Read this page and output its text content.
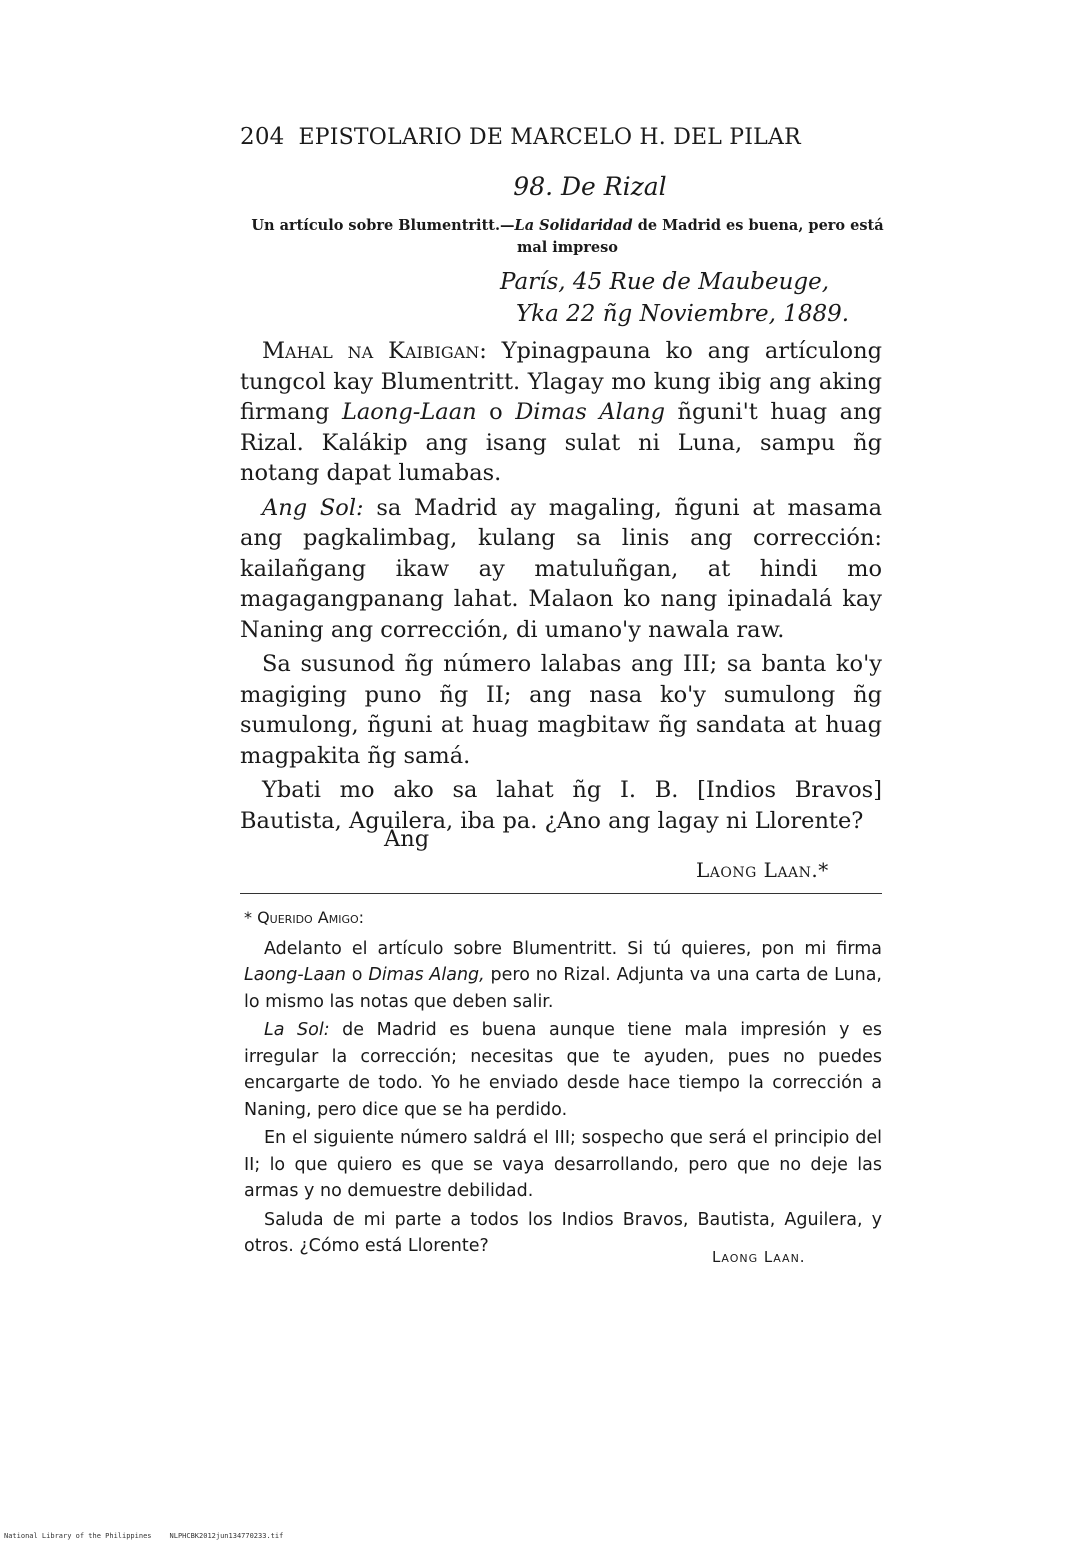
204 EPISTOLARIO DE MARCELO H. DEL PILAR
98. De Rizal
Un artículo sobre Blumentritt.—La Solidaridad de Madrid es buena, pero está mal impreso
París, 45 Rue de Maubeuge,
Yka 22 ñg Noviembre, 1889.

Mahal na Kaibigan: Ypinagpauna ko ang artículong tungcol kay Blumentritt. Ylagay mo kung ibig ang aking firmang Laong-Laan o Dimas Alang ñguni't huag ang Rizal. Kalákip ang isang sulat ni Luna, sampu ñg notang dapat lumabas.

Ang Sol: sa Madrid ay magaling, ñguni at masama ang pagkalimbag, kulang sa linis ang corrección: kailañgang ikaw ay matuluñgan, at hindi mo magagangpanang lahat. Malaon ko nang ipinadalá kay Naning ang corrección, di umano'y nawala raw.

Sa susunod ñg número lalabas ang III; sa banta ko'y magiging puno ñg II; ang nasa ko'y sumulong ñg sumulong, ñguni at huag magbitaw ñg sandata at huag magpakita ñg samá.

Ybati mo ako sa lahat ñg I. B. [Indios Bravos] Bautista, Aguilera, iba pa. ¿Ano ang lagay ni Llorente?

Ang
Laong Laan.*
* Querido Amigo:

Adelanto el artículo sobre Blumentritt. Si tú quieres, pon mi firma Laong-Laan o Dimas Alang, pero no Rizal. Adjunta va una carta de Luna, lo mismo las notas que deben salir.

La Sol: de Madrid es buena aunque tiene mala impresión y es irregular la corrección; necesitas que te ayuden, pues no puedes encargarte de todo. Yo he enviado desde hace tiempo la corrección a Naning, pero dice que se ha perdido.

En el siguiente número saldrá el III; sospecho que será el principio del II; lo que quiero es que se vaya desarrollando, pero que no deje las armas y no demuestre debilidad.

Saluda de mi parte a todos los Indios Bravos, Bautista, Aguilera, y otros. ¿Cómo está Llorente?

Laong Laan.
National Library of the Philippines	NLPHCBK2012jun134770233.tif
